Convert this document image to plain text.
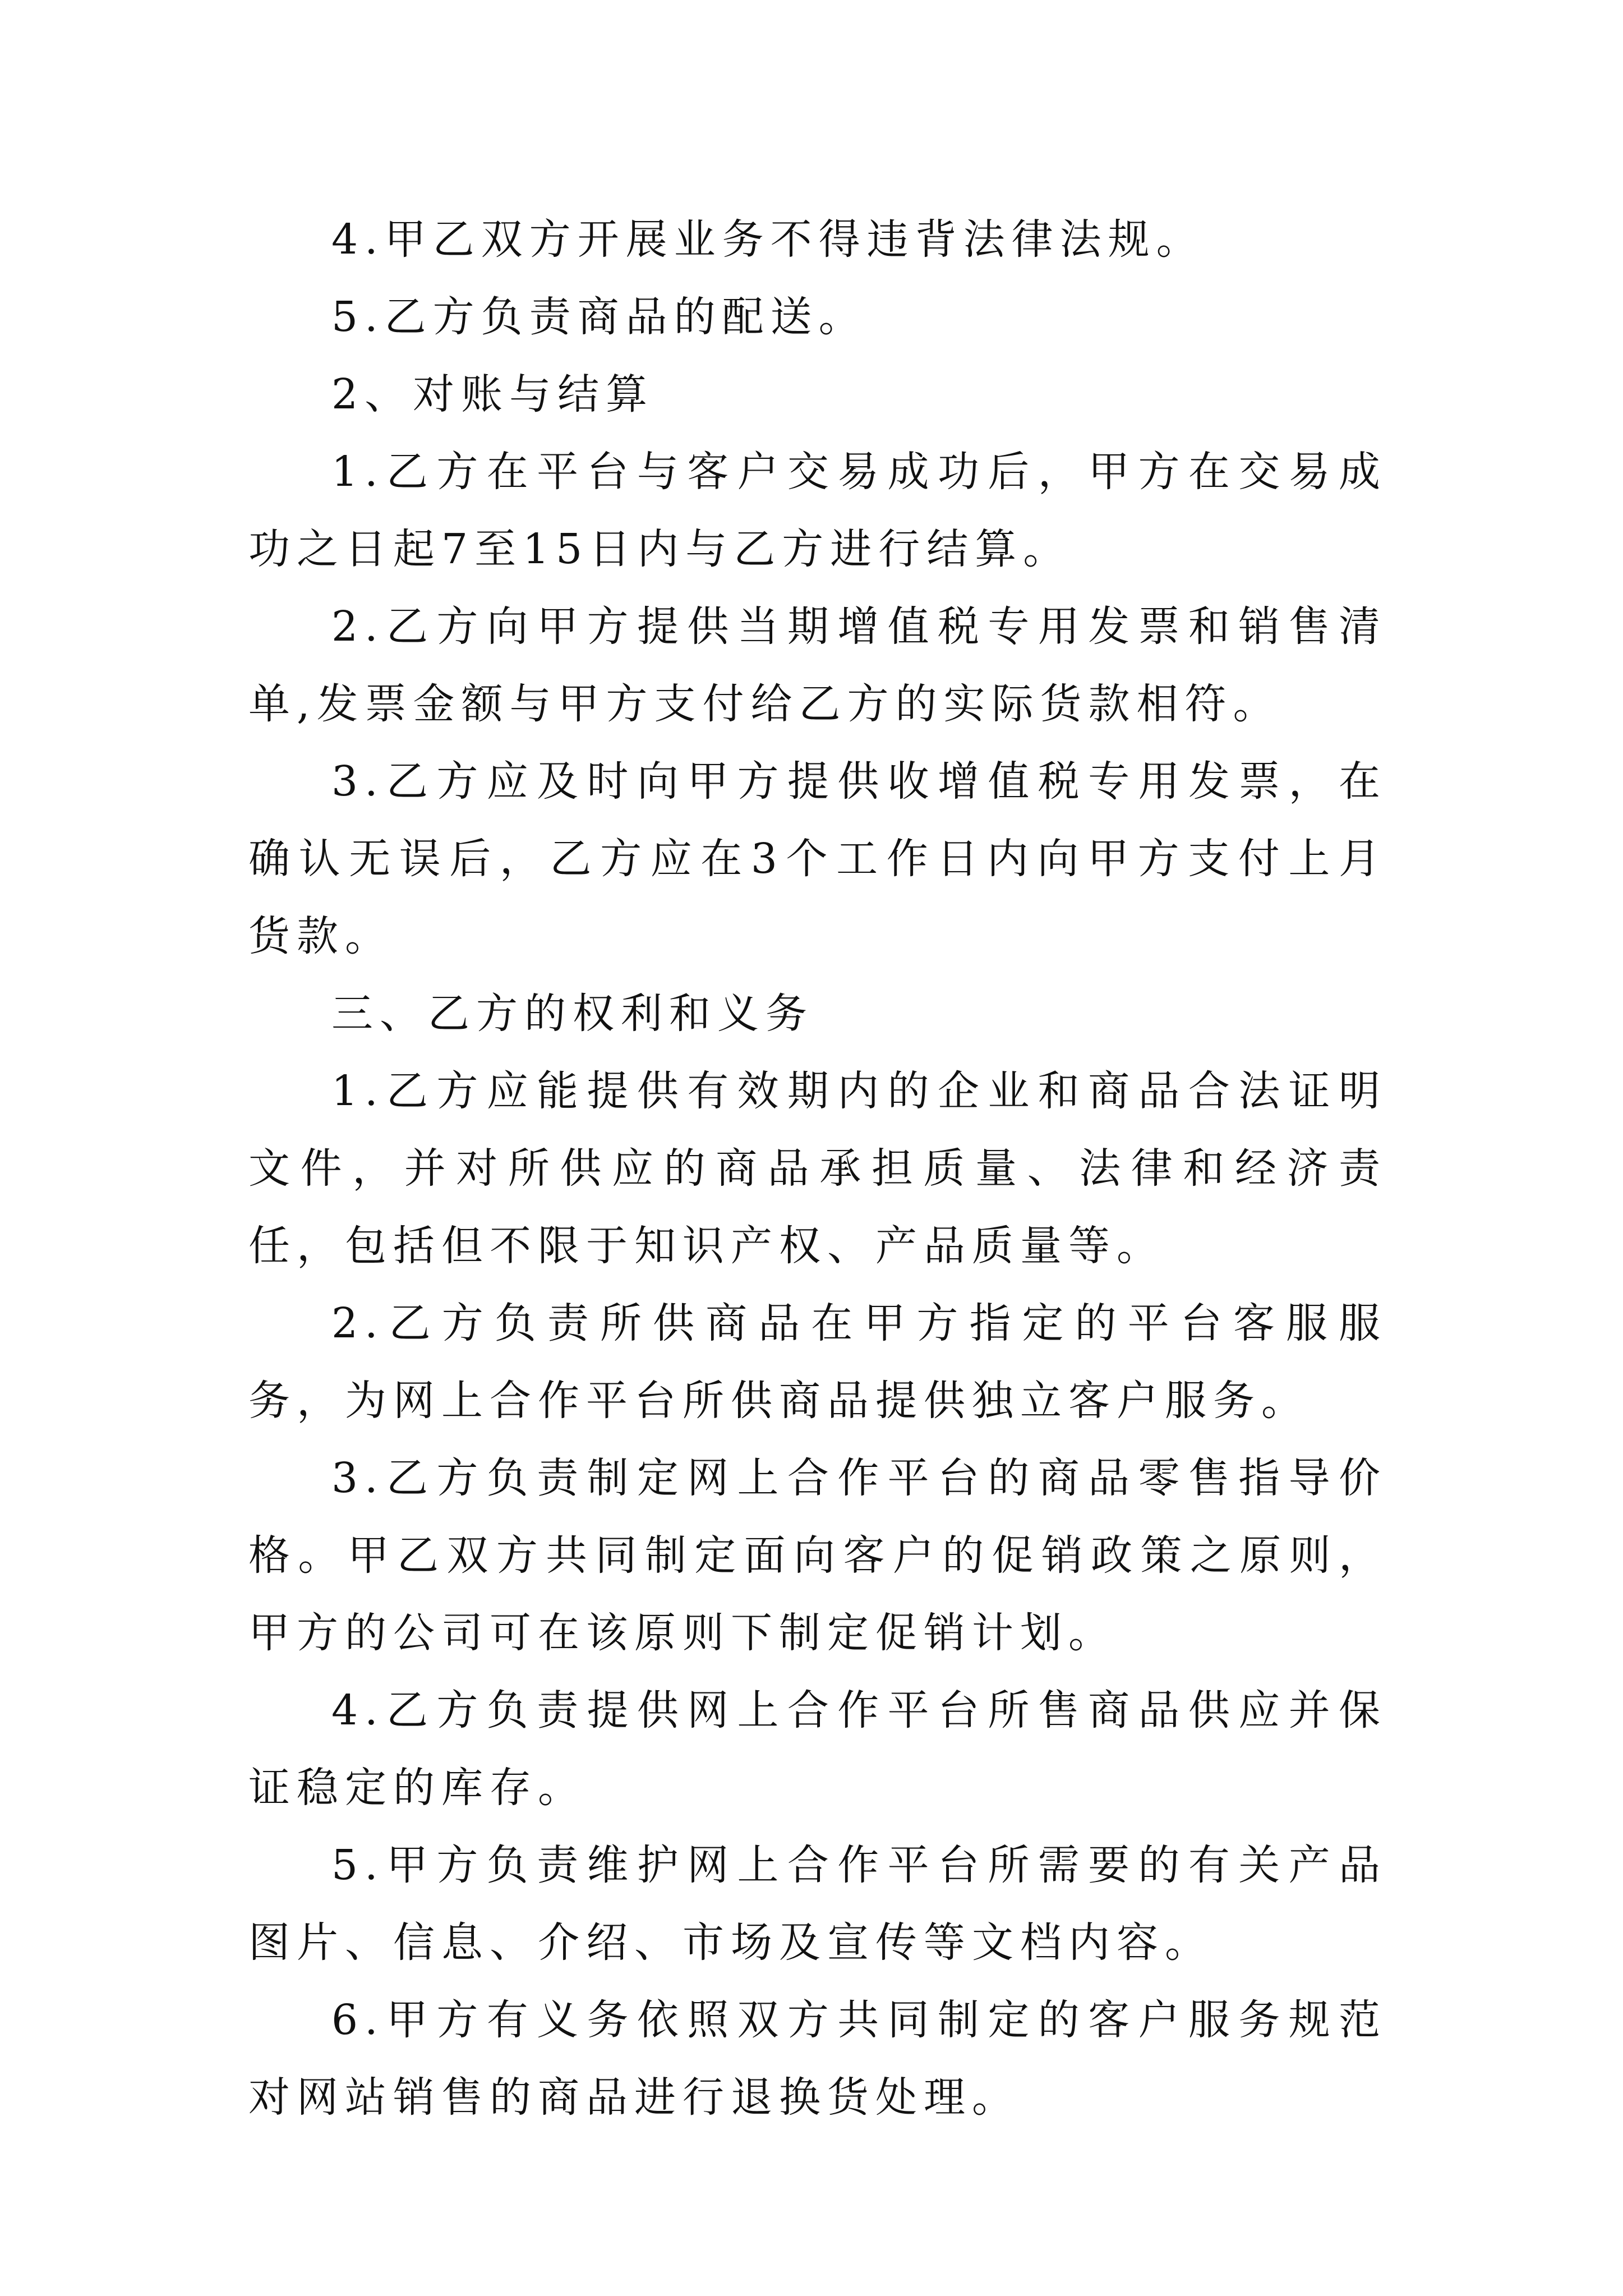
4.甲乙双方开展业务不得违背法律法规。

5.乙方负责商品的配送。

2、对账与结算

1.乙方在平台与客户交易成功后，甲方在交易成功之日起7至15日内与乙方进行结算。

2.乙方向甲方提供当期增值税专用发票和销售清单,发票金额与甲方支付给乙方的实际货款相符。

3.乙方应及时向甲方提供收增值税专用发票，在确认无误后，乙方应在3个工作日内向甲方支付上月货款。

三、乙方的权利和义务

1.乙方应能提供有效期内的企业和商品合法证明文件，并对所供应的商品承担质量、法律和经济责任，包括但不限于知识产权、产品质量等。

2.乙方负责所供商品在甲方指定的平台客服服务，为网上合作平台所供商品提供独立客户服务。

3.乙方负责制定网上合作平台的商品零售指导价格。甲乙双方共同制定面向客户的促销政策之原则，甲方的公司可在该原则下制定促销计划。

4.乙方负责提供网上合作平台所售商品供应并保证稳定的库存。

5.甲方负责维护网上合作平台所需要的有关产品图片、信息、介绍、市场及宣传等文档内容。

6.甲方有义务依照双方共同制定的客户服务规范对网站销售的商品进行退换货处理。
